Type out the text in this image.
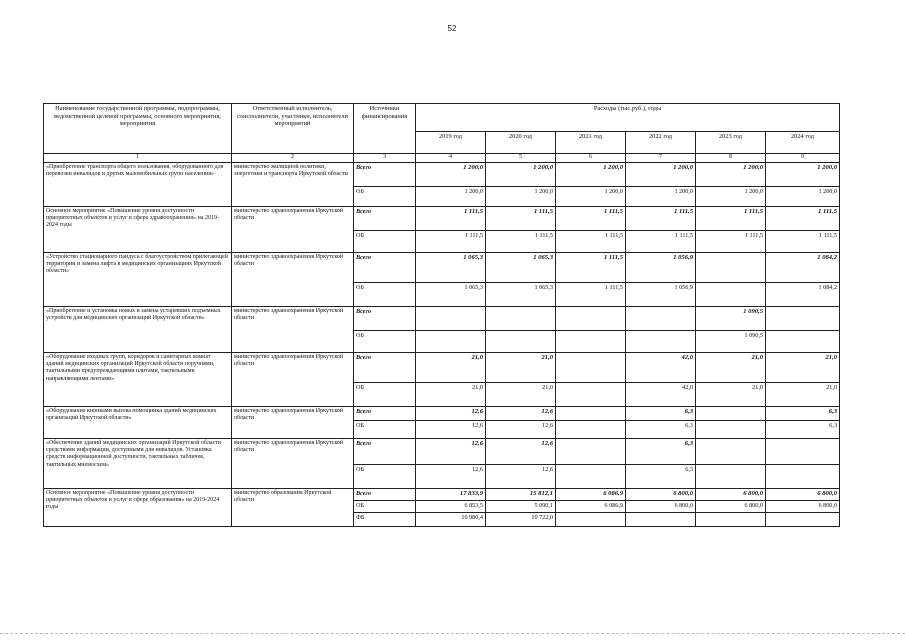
52
Наименование государственной программы, подпрограммы, ведомственной целевой программы, основного мероприятия, мероприятия	Ответственный исполнитель, соисполнители, участники, исполнители мероприятий	Источники финансирования	Расходы (тыс.руб.), годы					
			2019 год	2020 год	2021 год	2022 год	2023 год	2024 год
1	2	3	4	5	6	7	8	9
«Приобретение транспорта общего пользования, оборудованного для перевозки инвалидов и других маломобильных групп населения»	министерство жилищной политики, энергетики и транспорта Иркутской области	Всего	1 200,0	1 200,0	1 200,0	1 200,0	1 200,0	1 200,0
		ОБ	1 200,0	1 200,0	1 200,0	1 200,0	1 200,0	1 200,0
Основное мероприятие «Повышение уровня доступности приоритетных объектов и услуг в сфере здравоохранения» на 2019-2024 годы	министерство здравоохранения Иркутской области	Всего	1 111,5	1 111,5	1 111,5	1 111,5	1 111,5	1 111,5
		ОБ	1 111,5	1 111,5	1 111,5	1 111,5	1 111,5	1 111,5
«Устройство стационарного пандуса с благоустройством прилегающей территории и замена лифта в медицинских организациях Иркутской области»	министерство здравоохранения Иркутской области	Всего	1 065,3	1 065,3	1 111,5	1 056,9		1 084,2
		ОБ	1 065,3	1 065,3	1 111,5	1 056,9		1 084,2
«Приобретение и установка новых и замена устаревших подъемных устройств для медицинских организаций Иркутской области»	министерство здравоохранения Иркутской области	Всего					1 090,5	
		ОБ					1 090,5	
«Оборудование входных групп, коридоров и санитарных комнат зданий медицинских организаций Иркутской области поручнями, тактильными предупреждающими плитами, тактильными направляющими лентами»	министерство здравоохранения Иркутской области	Всего	21,0	21,0		42,0	21,0	21,0
		ОБ	21,0	21,0		42,0	21,0	21,0
«Оборудование кнопками вызова помощника зданий медицинских организаций Иркутской области»	министерство здравоохранения Иркутской области	Всего	12,6	12,6		6,3		6,3
		ОБ	12,6	12,6		6,3		6,3
«Обеспечение зданий медицинских организаций Иркутской области средствами информации, доступными для инвалидов. Установка средств информационной доступности, тактильных табличек, тактильных мнемосхем»	министерство здравоохранения Иркутской области	Всего	12,6	12,6		6,3		
		ОБ	12,6	12,6		6,3		
Основное мероприятие «Повышение уровня доступности приоритетных объектов и услуг в сфере образования» на 2019-2024 годы	министерство образования Иркутской области	Всего	17 833,9	15 812,1	6 086,9	6 800,0	6 800,0	6 800,0
		ОБ	6 853,5	5 090,1	6 086,9	6 800,0	6 800,0	6 800,0
		ФБ	10 980,4	10 722,0				
